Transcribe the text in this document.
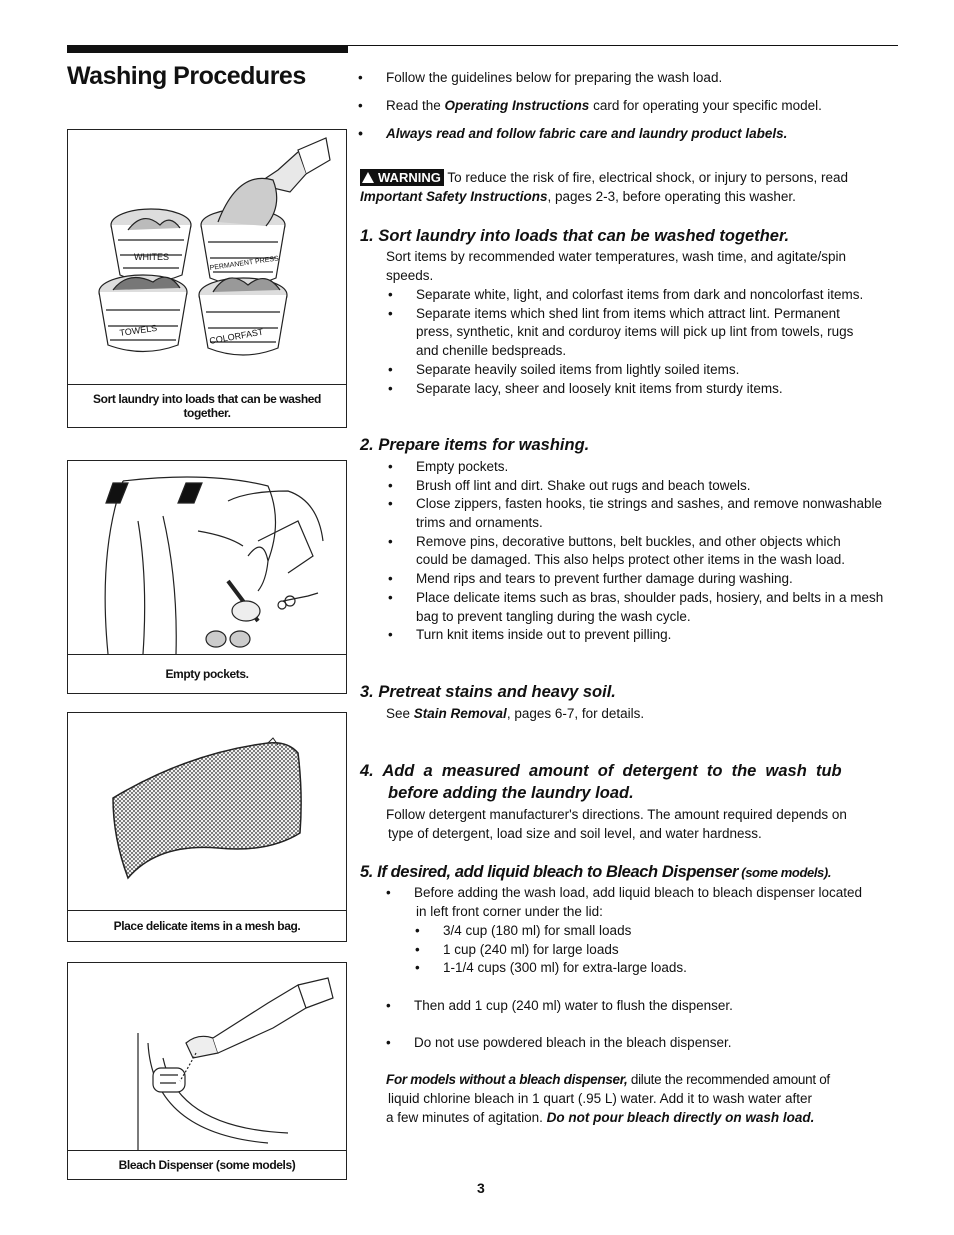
Washing Procedures
WHITES	PERMANENT PRESS
TOWELS	COLORFAST
Sort laundry into loads that can be washed together.
Empty pockets.
Place delicate items in a mesh bag.
Bleach Dispenser (some models)
• Follow the guidelines below for preparing the wash load.
• Read the Operating Instructions card for operating your specific model.
• Always read and follow fabric care and laundry product labels.
WARNING To reduce the risk of fire, electrical shock, or injury to persons, read
Important Safety Instructions, pages 2-3, before operating this washer.
1. Sort laundry into loads that can be washed together.
Sort items by recommended water temperatures, wash time, and agitate/spin
speeds.
• Separate white, light, and colorfast items from dark and noncolorfast items.
• Separate items which shed lint from items which attract lint. Permanent
press, synthetic, knit and corduroy items will pick up lint from towels, rugs
and chenille bedspreads.
• Separate heavily soiled items from lightly soiled items.
• Separate lacy, sheer and loosely knit items from sturdy items.
2. Prepare items for washing.
• Empty pockets.
• Brush off lint and dirt. Shake out rugs and beach towels.
• Close zippers, fasten hooks, tie strings and sashes, and remove nonwashable
trims and ornaments.
• Remove pins, decorative buttons, belt buckles, and other objects which
could be damaged. This also helps protect other items in the wash load.
• Mend rips and tears to prevent further damage during washing.
• Place delicate items such as bras, shoulder pads, hosiery, and belts in a mesh
bag to prevent tangling during the wash cycle.
• Turn knit items inside out to prevent pilling.
3. Pretreat stains and heavy soil.
See Stain Removal, pages 6-7, for details.
4.  Add  a  measured  amount  of  detergent  to  the  wash  tub
before adding the laundry load.
Follow detergent manufacturer's directions. The amount required depends on
type of detergent, load size and soil level, and water hardness.
5. If desired, add liquid bleach to Bleach Dispenser (some models).
• Before adding the wash load, add liquid bleach to bleach dispenser located
in left front corner under the lid:
• 3/4 cup (180 ml) for small loads
• 1 cup (240 ml) for large loads
• 1-1/4 cups (300 ml) for extra-large loads.
• Then add 1 cup (240 ml) water to flush the dispenser.
• Do not use powdered bleach in the bleach dispenser.
For models without a bleach dispenser, dilute the recommended amount of
liquid chlorine bleach in 1 quart (.95 L) water. Add it to wash water after
a few minutes of agitation. Do not pour bleach directly on wash load.
3
